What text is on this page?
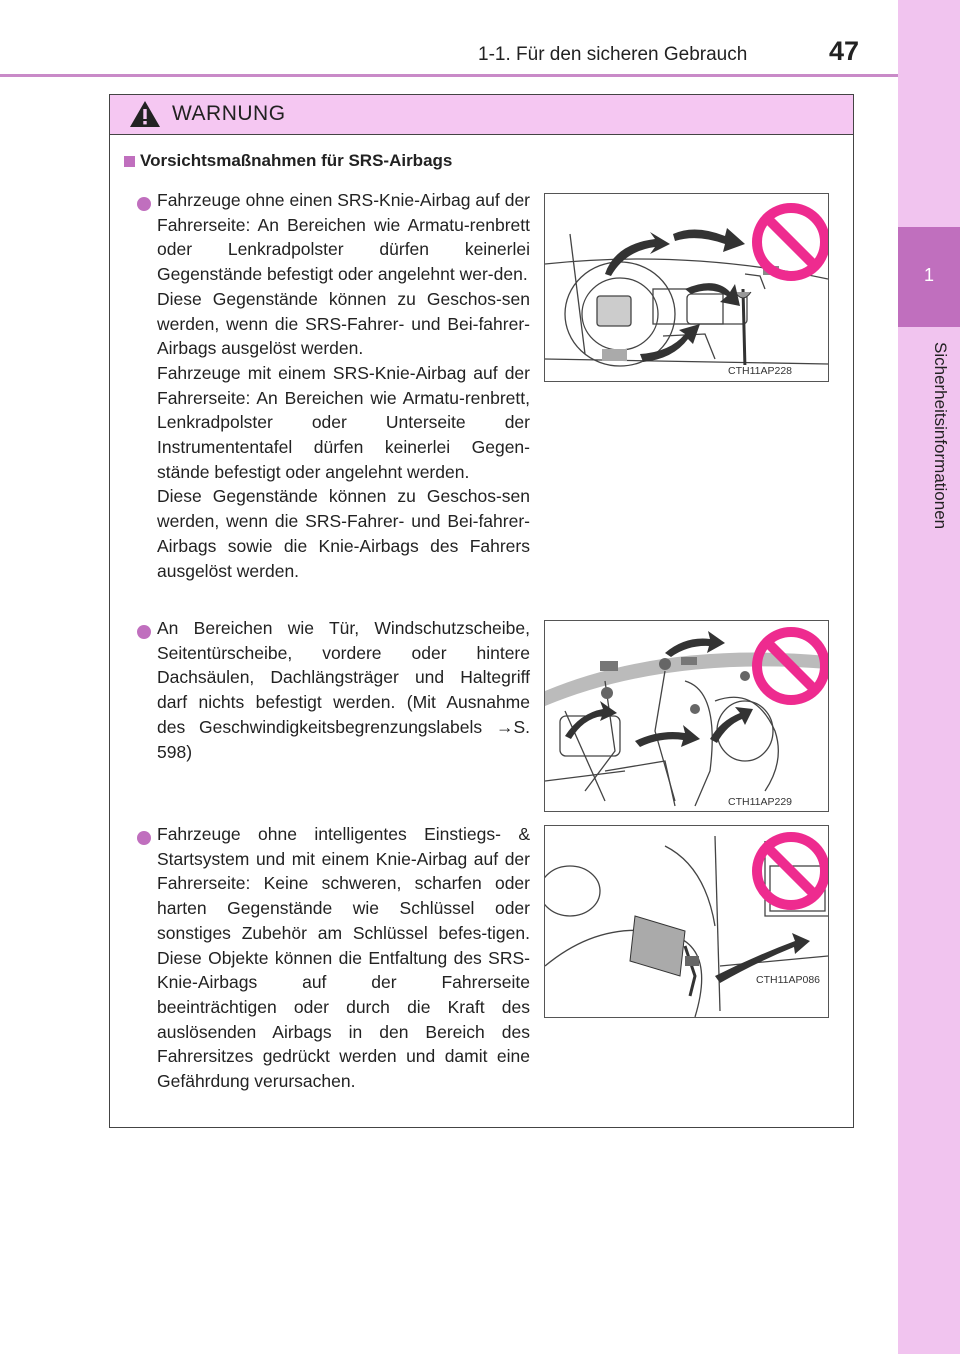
1-1. Für den sicheren Gebrauch	47
1
Sicherheitsinformationen
WARNUNG
Vorsichtsmaßnahmen für SRS-Airbags

Fahrzeuge ohne einen SRS-Knie-Airbag auf der Fahrerseite: An Bereichen wie Armatu-renbrett oder Lenkradpolster dürfen keinerlei Gegenstände befestigt oder angelehnt wer-den.

Diese Gegenstände können zu Geschos-sen werden, wenn die SRS-Fahrer- und Bei-fahrer-Airbags ausgelöst werden.

Fahrzeuge mit einem SRS-Knie-Airbag auf der Fahrerseite: An Bereichen wie Armatu-renbrett, Lenkradpolster oder Unterseite der Instrumententafel dürfen keinerlei Gegen-stände befestigt oder angelehnt werden.

Diese Gegenstände können zu Geschos-sen werden, wenn die SRS-Fahrer- und Bei-fahrer-Airbags sowie die Knie-Airbags des Fahrers ausgelöst werden.

CTH11AP228

An Bereichen wie Tür, Windschutzscheibe, Seitentürscheibe, vordere oder hintere Dachsäulen, Dachlängsträger und Haltegriff darf nichts befestigt werden. (Mit Ausnahme des Geschwindigkeitsbegrenzungslabels →S. 598)

CTH11AP229

Fahrzeuge ohne intelligentes Einstiegs- & Startsystem und mit einem Knie-Airbag auf der Fahrerseite: Keine schweren, scharfen oder harten Gegenstände wie Schlüssel oder sonstiges Zubehör am Schlüssel befes-tigen. Diese Objekte können die Entfaltung des SRS-Knie-Airbags auf der Fahrerseite beeinträchtigen oder durch die Kraft des auslösenden Airbags in den Bereich des Fahrersitzes gedrückt werden und damit eine Gefährdung verursachen.

CTH11AP086
